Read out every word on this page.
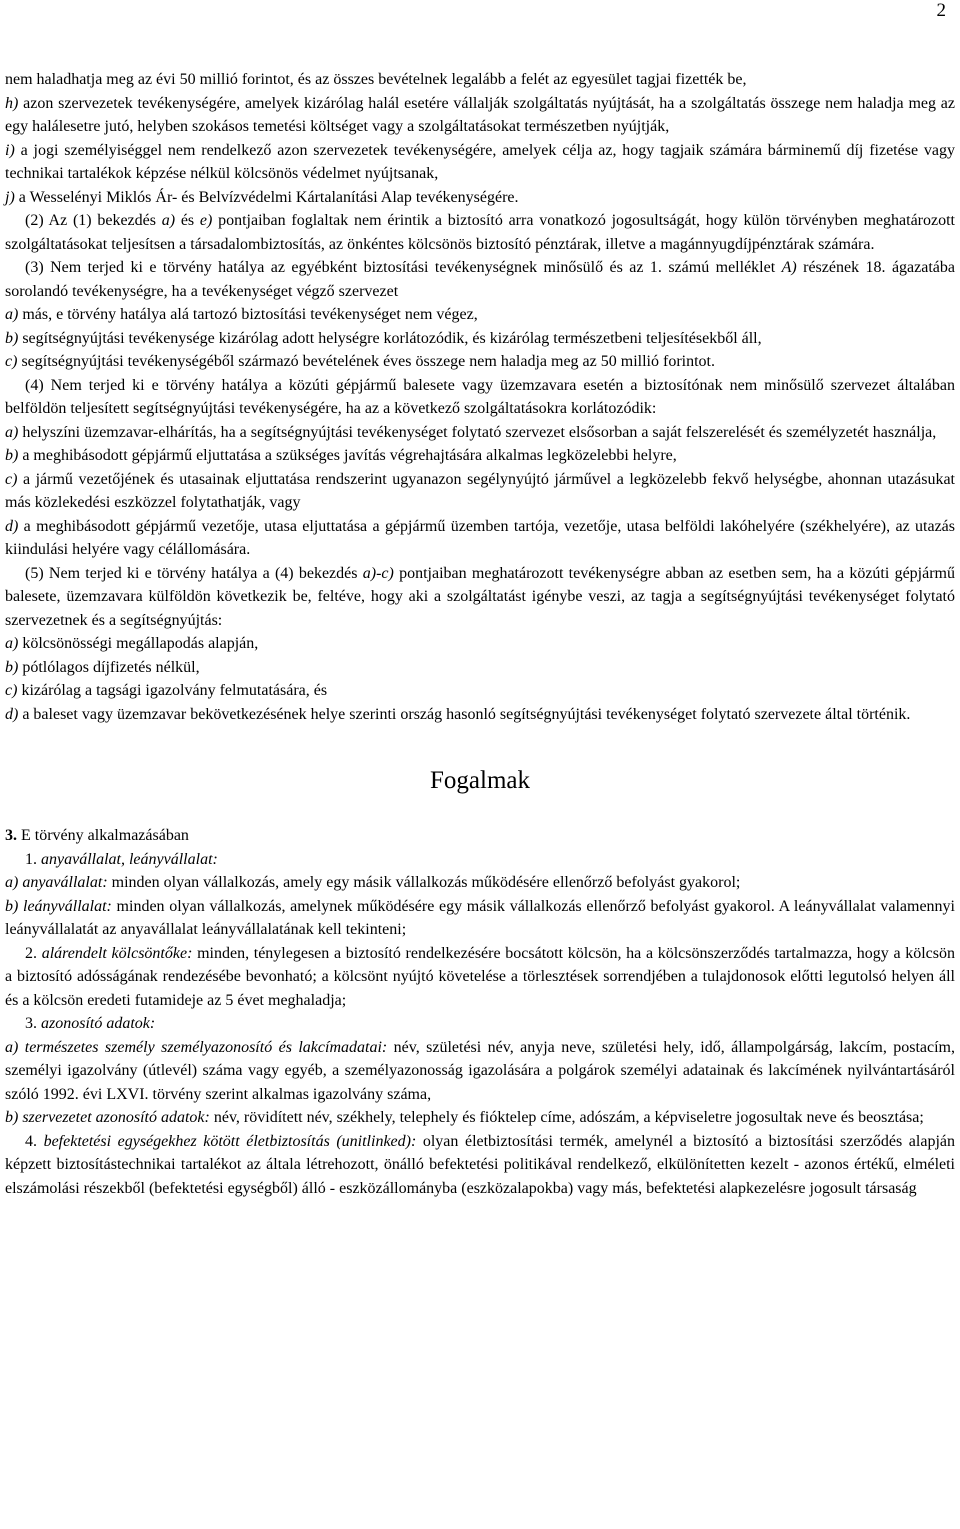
2

nem haladhatja meg az évi 50 millió forintot, és az összes bevételnek legalább a felét az egyesület tagjai fizették be,

h) azon szervezetek tevékenységére, amelyek kizárólag halál esetére vállalják szolgáltatás nyújtását, ha a szolgáltatás összege nem haladja meg az egy halálesetre jutó, helyben szokásos temetési költséget vagy a szolgáltatásokat természetben nyújtják,

i) a jogi személyiséggel nem rendelkező azon szervezetek tevékenységére, amelyek célja az, hogy tagjaik számára bárminemű díj fizetése vagy technikai tartalékok képzése nélkül kölcsönös védelmet nyújtsanak,

j) a Wesselényi Miklós Ár- és Belvízvédelmi Kártalanítási Alap tevékenységére.

(2) Az (1) bekezdés a) és e) pontjaiban foglaltak nem érintik a biztosító arra vonatkozó jogosultságát, hogy külön törvényben meghatározott szolgáltatásokat teljesítsen a társadalombiztosítás, az önkéntes kölcsönös biztosító pénztárak, illetve a magánnyugdíjpénztárak számára.

(3) Nem terjed ki e törvény hatálya az egyébként biztosítási tevékenységnek minősülő és az 1. számú melléklet A) részének 18. ágazatába sorolandó tevékenységre, ha a tevékenységet végző szervezet

a) más, e törvény hatálya alá tartozó biztosítási tevékenységet nem végez,

b) segítségnyújtási tevékenysége kizárólag adott helységre korlátozódik, és kizárólag természetbeni teljesítésekből áll,

c) segítségnyújtási tevékenységéből származó bevételének éves összege nem haladja meg az 50 millió forintot.

(4) Nem terjed ki e törvény hatálya a közúti gépjármű balesete vagy üzemzavara esetén a biztosítónak nem minősülő szervezet általában belföldön teljesített segítségnyújtási tevékenységére, ha az a következő szolgáltatásokra korlátozódik:

a) helyszíni üzemzavar-elhárítás, ha a segítségnyújtási tevékenységet folytató szervezet elsősorban a saját felszerelését és személyzetét használja,

b) a meghibásodott gépjármű eljuttatása a szükséges javítás végrehajtására alkalmas legközelebbi helyre,

c) a jármű vezetőjének és utasainak eljuttatása rendszerint ugyanazon segélynyújtó járművel a legközelebb fekvő helységbe, ahonnan utazásukat más közlekedési eszközzel folytathatják, vagy

d) a meghibásodott gépjármű vezetője, utasa eljuttatása a gépjármű üzemben tartója, vezetője, utasa belföldi lakóhelyére (székhelyére), az utazás kiindulási helyére vagy célállomására.

(5) Nem terjed ki e törvény hatálya a (4) bekezdés a)-c) pontjaiban meghatározott tevékenységre abban az esetben sem, ha a közúti gépjármű balesete, üzemzavara külföldön következik be, feltéve, hogy aki a szolgáltatást igénybe veszi, az tagja a segítségnyújtási tevékenységet folytató szervezetnek és a segítségnyújtás:

a) kölcsönösségi megállapodás alapján,

b) pótlólagos díjfizetés nélkül,

c) kizárólag a tagsági igazolvány felmutatására, és

d) a baleset vagy üzemzavar bekövetkezésének helye szerinti ország hasonló segítségnyújtási tevékenységet folytató szervezete által történik.

Fogalmak

3. E törvény alkalmazásában

1. anyavállalat, leányvállalat:

a) anyavállalat: minden olyan vállalkozás, amely egy másik vállalkozás működésére ellenőrző befolyást gyakorol;

b) leányvállalat: minden olyan vállalkozás, amelynek működésére egy másik vállalkozás ellenőrző befolyást gyakorol. A leányvállalat valamennyi leányvállalatát az anyavállalat leányvállalatának kell tekinteni;

2. alárendelt kölcsöntőke: minden, ténylegesen a biztosító rendelkezésére bocsátott kölcsön, ha a kölcsönszerződés tartalmazza, hogy a kölcsön a biztosító adósságának rendezésébe bevonható; a kölcsönt nyújtó követelése a törlesztések sorrendjében a tulajdonosok előtti legutolsó helyen áll és a kölcsön eredeti futamideje az 5 évet meghaladja;

3. azonosító adatok:

a) természetes személy személyazonosító és lakcímadatai: név, születési név, anyja neve, születési hely, idő, állampolgárság, lakcím, postacím, személyi igazolvány (útlevél) száma vagy egyéb, a személyazonosság igazolására a polgárok személyi adatainak és lakcímének nyilvántartásáról szóló 1992. évi LXVI. törvény szerint alkalmas igazolvány száma,

b) szervezetet azonosító adatok: név, rövidített név, székhely, telephely és fióktelep címe, adószám, a képviseletre jogosultak neve és beosztása;

4. befektetési egységekhez kötött életbiztosítás (unitlinked): olyan életbiztosítási termék, amelynél a biztosító a biztosítási szerződés alapján képzett biztosítástechnikai tartalékot az általa létrehozott, önálló befektetési politikával rendelkező, elkülönítetten kezelt - azonos értékű, elméleti elszámolási részekből (befektetési egységből) álló - eszközállományba (eszközalapokba) vagy más, befektetési alapkezelésre jogosult társaság
